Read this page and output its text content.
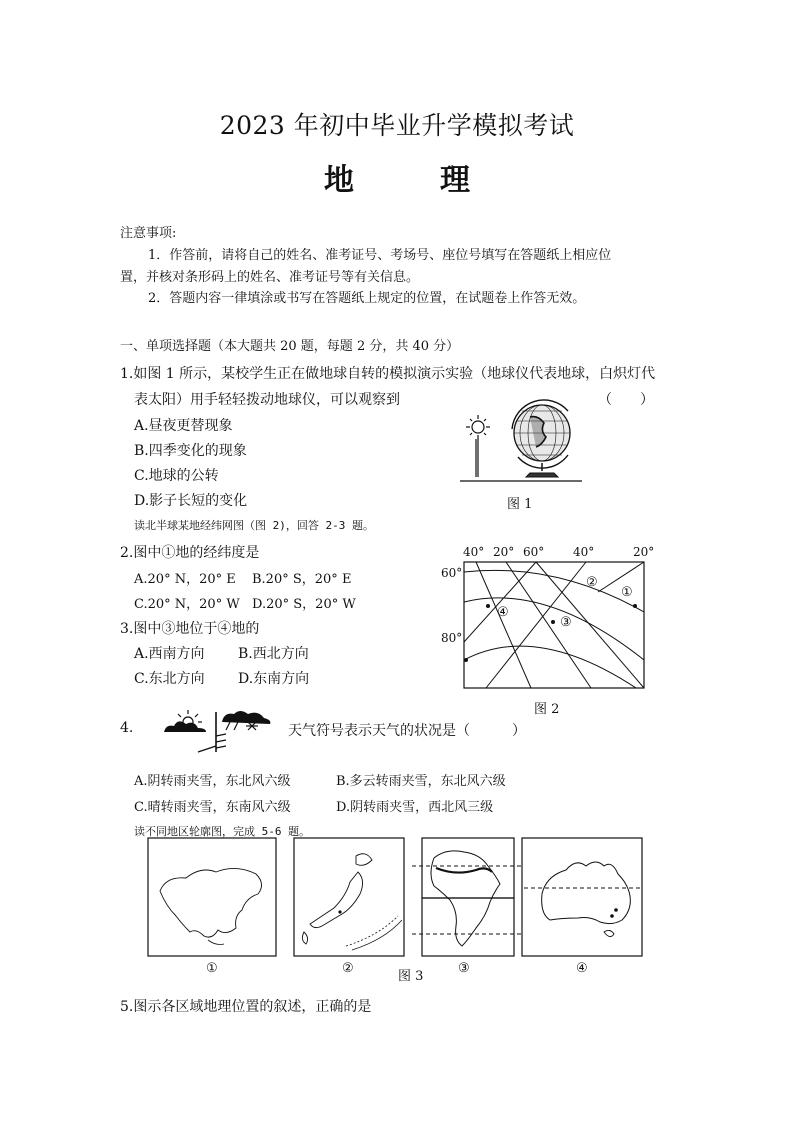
2023 年初中毕业升学模拟考试
地　理
注意事项:
1．作答前，请将自己的姓名、准考证号、考场号、座位号填写在答题纸上相应位
置，并核对条形码上的姓名、准考证号等有关信息。
2．答题内容一律填涂或书写在答题纸上规定的位置，在试题卷上作答无效。
一、单项选择题（本大题共 20 题，每题 2 分，共 40 分）
1.如图 1 所示，某校学生正在做地球自转的模拟演示实验（地球仪代表地球，白炽灯代
表太阳）用手轻轻拨动地球仪，可以观察到	（　　）
A.昼夜更替现象
B.四季变化的现象
C.地球的公转
D.影子长短的变化	图 1
读北半球某地经纬网图（图 2)，回答 2-3 题。
2.图中①地的经纬度是
A.20° N，20° E B.20° S，20° E
C.20° N，20° W D.20° S，20° W
3.图中③地位于④地的
A.西南方向 B.西北方向
C.东北方向 D.东南方向
40° 20° 60° 40°	20°
60°
80°
①
②
③
④
图 2
4.	天气符号表示天气的状况是（　　　）
A.阴转雨夹雪，东北风六级	B.多云转雨夹雪，东北风六级
C.晴转雨夹雪，东南风六级	D.阴转雨夹雪，西北风三级
读不同地区轮廓图，完成 5-6 题。
①	②	③	④
图 3
5.图示各区域地理位置的叙述，正确的是
